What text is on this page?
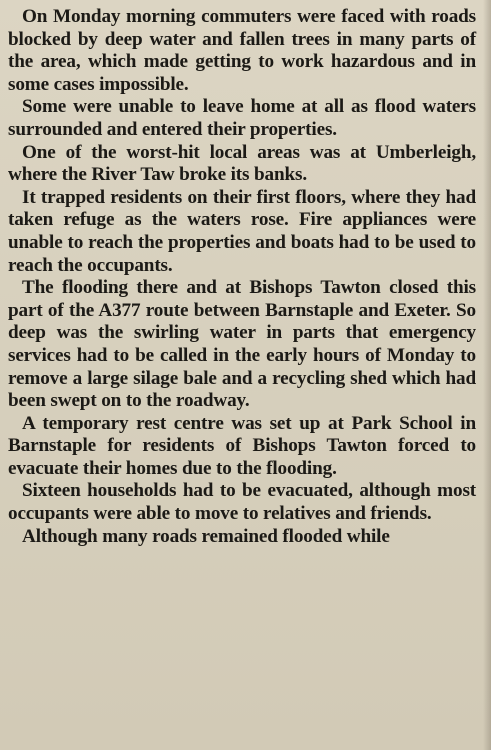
On Monday morning commuters were faced with roads blocked by deep water and fallen trees in many parts of the area, which made getting to work hazardous and in some cases impossible.

Some were unable to leave home at all as flood waters surrounded and entered their properties.

One of the worst-hit local areas was at Umberleigh, where the River Taw broke its banks.

It trapped residents on their first floors, where they had taken refuge as the waters rose. Fire appliances were unable to reach the properties and boats had to be used to reach the occupants.

The flooding there and at Bishops Tawton closed this part of the A377 route between Barnstaple and Exeter. So deep was the swirling water in parts that emergency services had to be called in the early hours of Monday to remove a large silage bale and a recycling shed which had been swept on to the roadway.

A temporary rest centre was set up at Park School in Barnstaple for residents of Bishops Tawton forced to evacuate their homes due to the flooding.

Sixteen households had to be evacuated, although most occupants were able to move to relatives and friends.

Although many roads remained flooded while
